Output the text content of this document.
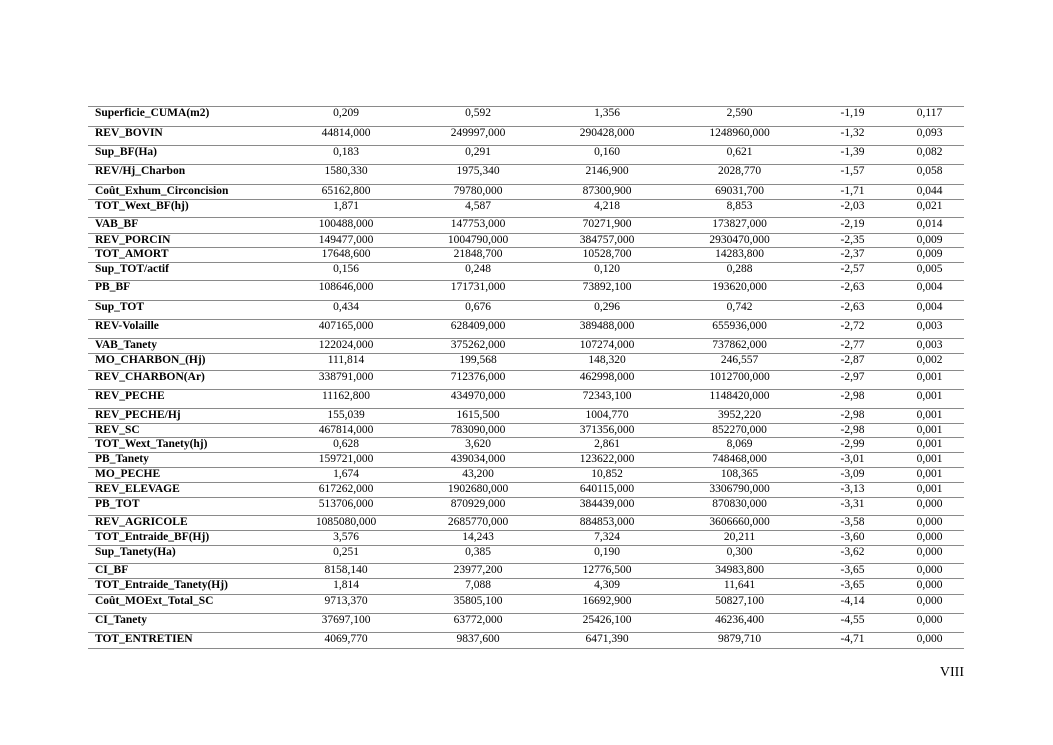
Superficie_CUMA(m2)	0,209	0,592	1,356	2,590	-1,19	0,117
REV_BOVIN	44814,000	249997,000	290428,000	1248960,000	-1,32	0,093
Sup_BF(Ha)	0,183	0,291	0,160	0,621	-1,39	0,082
REV/Hj_Charbon	1580,330	1975,340	2146,900	2028,770	-1,57	0,058
Coût_Exhum_Circoncision	65162,800	79780,000	87300,900	69031,700	-1,71	0,044
TOT_Wext_BF(hj)	1,871	4,587	4,218	8,853	-2,03	0,021
VAB_BF	100488,000	147753,000	70271,900	173827,000	-2,19	0,014
REV_PORCIN	149477,000	1004790,000	384757,000	2930470,000	-2,35	0,009
TOT_AMORT	17648,600	21848,700	10528,700	14283,800	-2,37	0,009
Sup_TOT/actif	0,156	0,248	0,120	0,288	-2,57	0,005
PB_BF	108646,000	171731,000	73892,100	193620,000	-2,63	0,004
Sup_TOT	0,434	0,676	0,296	0,742	-2,63	0,004
REV-Volaille	407165,000	628409,000	389488,000	655936,000	-2,72	0,003
VAB_Tanety	122024,000	375262,000	107274,000	737862,000	-2,77	0,003
MO_CHARBON_(Hj)	111,814	199,568	148,320	246,557	-2,87	0,002
REV_CHARBON(Ar)	338791,000	712376,000	462998,000	1012700,000	-2,97	0,001
REV_PECHE	11162,800	434970,000	72343,100	1148420,000	-2,98	0,001
REV_PECHE/Hj	155,039	1615,500	1004,770	3952,220	-2,98	0,001
REV_SC	467814,000	783090,000	371356,000	852270,000	-2,98	0,001
TOT_Wext_Tanety(hj)	0,628	3,620	2,861	8,069	-2,99	0,001
PB_Tanety	159721,000	439034,000	123622,000	748468,000	-3,01	0,001
MO_PECHE	1,674	43,200	10,852	108,365	-3,09	0,001
REV_ELEVAGE	617262,000	1902680,000	640115,000	3306790,000	-3,13	0,001
PB_TOT	513706,000	870929,000	384439,000	870830,000	-3,31	0,000
REV_AGRICOLE	1085080,000	2685770,000	884853,000	3606660,000	-3,58	0,000
TOT_Entraide_BF(Hj)	3,576	14,243	7,324	20,211	-3,60	0,000
Sup_Tanety(Ha)	0,251	0,385	0,190	0,300	-3,62	0,000
CI_BF	8158,140	23977,200	12776,500	34983,800	-3,65	0,000
TOT_Entraide_Tanety(Hj)	1,814	7,088	4,309	11,641	-3,65	0,000
Coût_MOExt_Total_SC	9713,370	35805,100	16692,900	50827,100	-4,14	0,000
CI_Tanety	37697,100	63772,000	25426,100	46236,400	-4,55	0,000
TOT_ENTRETIEN	4069,770	9837,600	6471,390	9879,710	-4,71	0,000
VIII
